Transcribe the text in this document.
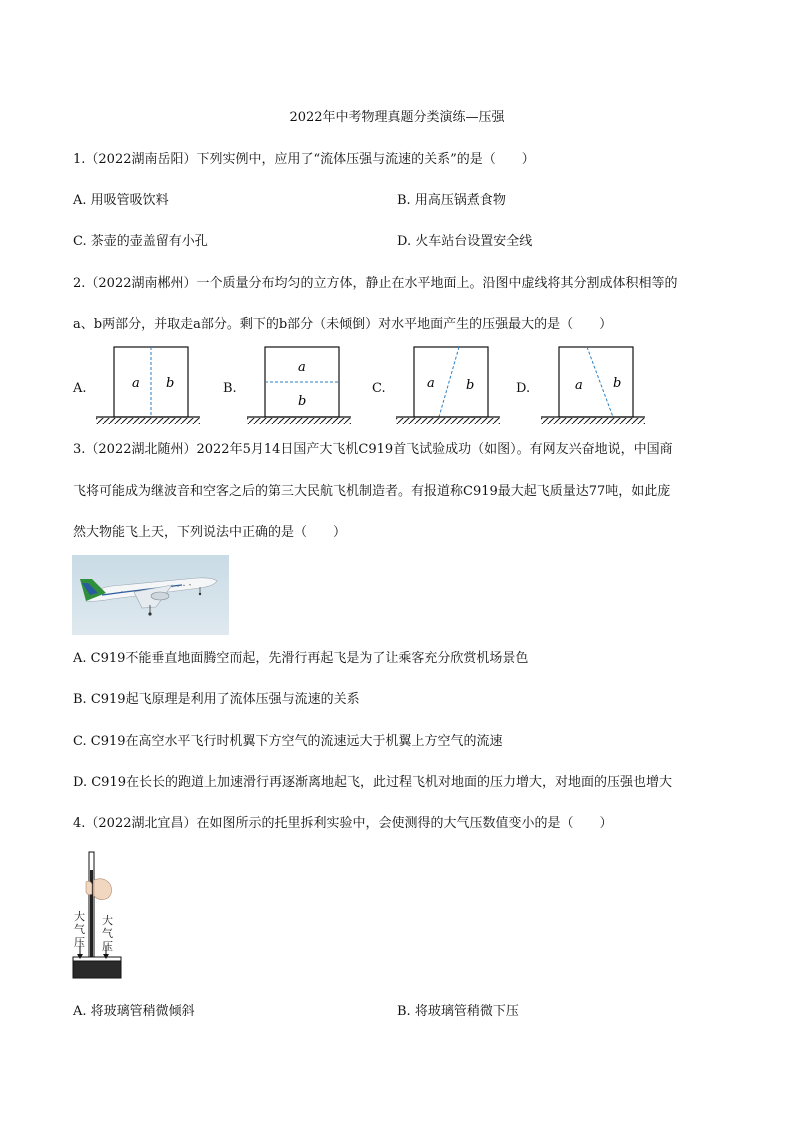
2022年中考物理真题分类演练—压强
1.（2022湖南岳阳）下列实例中，应用了“流体压强与流速的关系”的是（　　）
A. 用吸管吸饮料	B. 用高压锅煮食物
C. 茶壶的壶盖留有小孔	D. 火车站台设置安全线
2.（2022湖南郴州）一个质量分布均匀的立方体，静止在水平地面上。沿图中虚线将其分割成体积相等的
a、b两部分，并取走a部分。剩下的b部分（未倾倒）对水平地面产生的压强最大的是（　　）
A.	a b	B.
a
b
C.	a b	D.	a b
3.（2022湖北随州）2022年5月14日国产大飞机C919首飞试验成功（如图）。有网友兴奋地说，中国商
飞将可能成为继波音和空客之后的第三大民航飞机制造者。有报道称C919最大起飞质量达77吨，如此庞
然大物能飞上天，下列说法中正确的是（　　）
A. C919不能垂直地面腾空而起，先滑行再起飞是为了让乘客充分欣赏机场景色
B. C919起飞原理是利用了流体压强与流速的关系
C. C919在高空水平飞行时机翼下方空气的流速远大于机翼上方空气的流速
D. C919在长长的跑道上加速滑行再逐渐离地起飞，此过程飞机对地面的压力增大，对地面的压强也增大
4.（2022湖北宜昌）在如图所示的托里拆利实验中，会使测得的大气压数值变小的是（　　）
大气压
大气压
A. 将玻璃管稍微倾斜	B. 将玻璃管稍微下压
